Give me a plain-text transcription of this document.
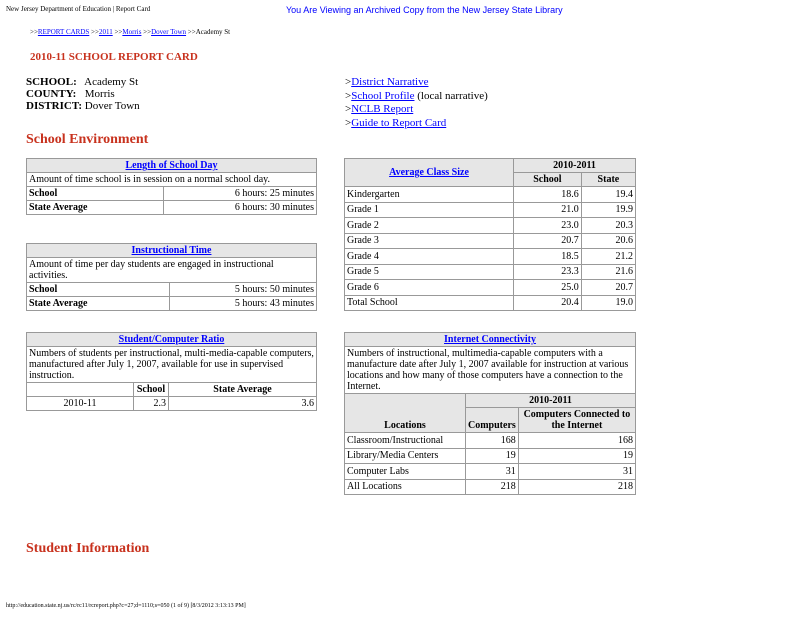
New Jersey Department of Education | Report Card	You Are Viewing an Archived Copy from the New Jersey State Library
>>REPORT CARDS >>2011 >>Morris >>Dover Town >>Academy St
2010-11 SCHOOL REPORT CARD
SCHOOL: Academy St
COUNTY: Morris
DISTRICT: Dover Town
>District Narrative
>School Profile (local narrative)
>NCLB Report
>Guide to Report Card
School Environment
Length of School Day	
Amount of time school is in session on a normal school day.	
School	6 hours: 25 minutes
State Average	6 hours: 30 minutes
Instructional Time	
Amount of time per day students are engaged in instructional activities.	
School	5 hours: 50 minutes
State Average	5 hours: 43 minutes
Student/Computer Ratio		
Numbers of students per instructional, multi-media-capable computers, manufactured after July 1, 2007, available for use in supervised instruction.		
	School	State Average
2010-11	2.3	3.6
Average Class Size	2010-2011	
	School	State
Kindergarten	18.6	19.4
Grade 1	21.0	19.9
Grade 2	23.0	20.3
Grade 3	20.7	20.6
Grade 4	18.5	21.2
Grade 5	23.3	21.6
Grade 6	25.0	20.7
Total School	20.4	19.0
Internet Connectivity		
Numbers of instructional, multimedia-capable computers with a manufacture date after July 1, 2007 available for instruction at various locations and how many of those computers have a connection to the Internet.		
Locations	2010-2011	
	Computers	Computers Connected to the Internet
Classroom/Instructional	168	168
Library/Media Centers	19	19
Computer Labs	31	31
All Locations	218	218
Student Information
http://education.state.nj.us/rc/rc11/rcreport.php?c=27;d=1110;s=050 (1 of 9) [8/3/2012 3:13:13 PM]
